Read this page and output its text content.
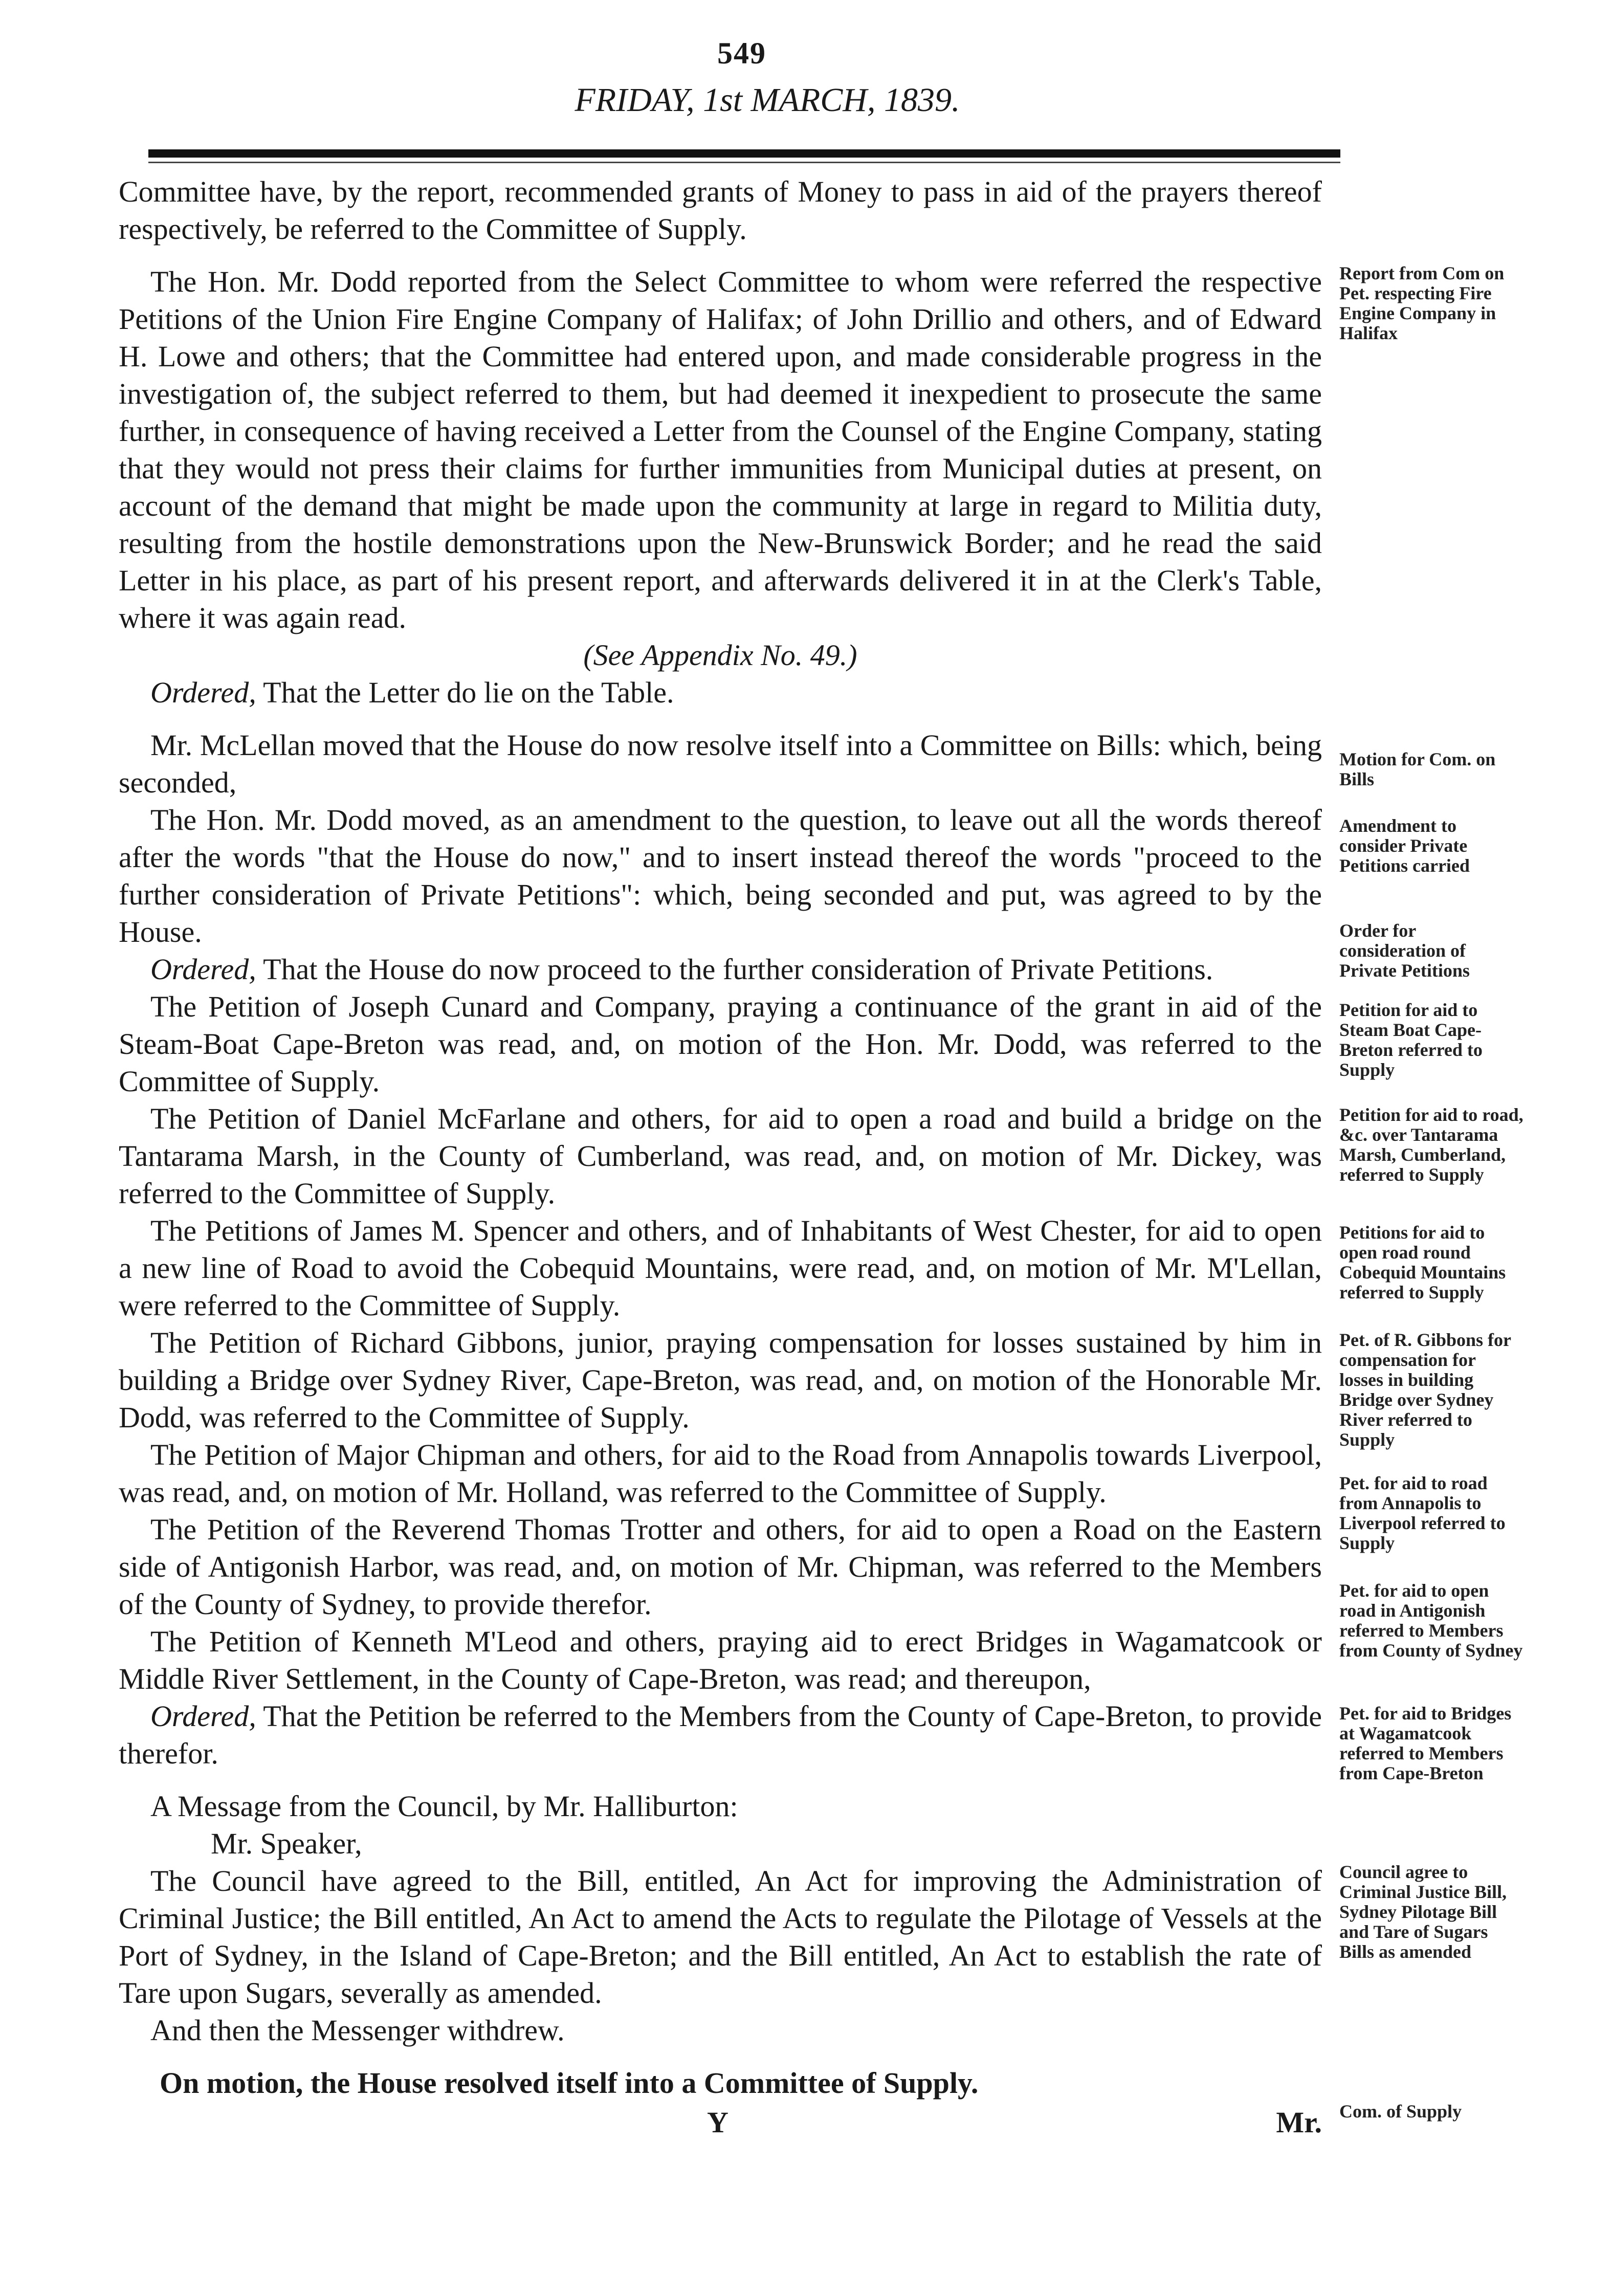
549
FRIDAY, 1st MARCH, 1839.

Committee have, by the report, recommended grants of Money to pass in aid of the prayers thereof respectively, be referred to the Committee of Supply.

The Hon. Mr. Dodd reported from the Select Committee to whom were referred the respective Petitions of the Union Fire Engine Company of Halifax; of John Drillio and others, and of Edward H. Lowe and others; that the Committee had entered upon, and made considerable progress in the investigation of, the subject referred to them, but had deemed it inexpedient to prosecute the same further, in consequence of having received a Letter from the Counsel of the Engine Company, stating that they would not press their claims for further immunities from Municipal duties at present, on account of the demand that might be made upon the community at large in regard to Militia duty, resulting from the hostile demonstrations upon the New-Brunswick Border; and he read the said Letter in his place, as part of his present report, and afterwards delivered it in at the Clerk's Table, where it was again read.

(See Appendix No. 49.)

Ordered, That the Letter do lie on the Table.

Mr. McLellan moved that the House do now resolve itself into a Committee on Bills: which, being seconded,

The Hon. Mr. Dodd moved, as an amendment to the question, to leave out all the words thereof after the words "that the House do now," and to insert instead thereof the words "proceed to the further consideration of Private Petitions": which, being seconded and put, was agreed to by the House.

Ordered, That the House do now proceed to the further consideration of Private Petitions.

The Petition of Joseph Cunard and Company, praying a continuance of the grant in aid of the Steam-Boat Cape-Breton was read, and, on motion of the Hon. Mr. Dodd, was referred to the Committee of Supply.

The Petition of Daniel McFarlane and others, for aid to open a road and build a bridge on the Tantarama Marsh, in the County of Cumberland, was read, and, on motion of Mr. Dickey, was referred to the Committee of Supply.

The Petitions of James M. Spencer and others, and of Inhabitants of West Chester, for aid to open a new line of Road to avoid the Cobequid Mountains, were read, and, on motion of Mr. M'Lellan, were referred to the Committee of Supply.

The Petition of Richard Gibbons, junior, praying compensation for losses sustained by him in building a Bridge over Sydney River, Cape-Breton, was read, and, on motion of the Honorable Mr. Dodd, was referred to the Committee of Supply.

The Petition of Major Chipman and others, for aid to the Road from Annapolis towards Liverpool, was read, and, on motion of Mr. Holland, was referred to the Committee of Supply.

The Petition of the Reverend Thomas Trotter and others, for aid to open a Road on the Eastern side of Antigonish Harbor, was read, and, on motion of Mr. Chipman, was referred to the Members of the County of Sydney, to provide therefor.

The Petition of Kenneth M'Leod and others, praying aid to erect Bridges in Wagamatcook or Middle River Settlement, in the County of Cape-Breton, was read; and thereupon,

Ordered, That the Petition be referred to the Members from the County of Cape-Breton, to provide therefor.

A Message from the Council, by Mr. Halliburton:

Mr. Speaker,

The Council have agreed to the Bill, entitled, An Act for improving the Administration of Criminal Justice; the Bill entitled, An Act to amend the Acts to regulate the Pilotage of Vessels at the Port of Sydney, in the Island of Cape-Breton; and the Bill entitled, An Act to establish the rate of Tare upon Sugars, severally as amended.

And then the Messenger withdrew.

On motion, the House resolved itself into a Committee of Supply.

Y	Mr.

Report from Com on Pet. respecting Fire Engine Company in Halifax
Motion for Com. on Bills
Amendment to consider Private Petitions carried
Order for consideration of Private Petitions
Petition for aid to Steam Boat Cape-Breton referred to Supply
Petition for aid to road, &c. over Tantarama Marsh, Cumberland, referred to Supply
Petitions for aid to open road round Cobequid Mountains referred to Supply
Pet. of R. Gibbons for compensation for losses in building Bridge over Sydney River referred to Supply
Pet. for aid to road from Annapolis to Liverpool referred to Supply
Pet. for aid to open road in Antigonish referred to Members from County of Sydney
Pet. for aid to Bridges at Wagamatcook referred to Members from Cape-Breton
Council agree to Criminal Justice Bill, Sydney Pilotage Bill and Tare of Sugars Bills as amended
Com. of Supply
